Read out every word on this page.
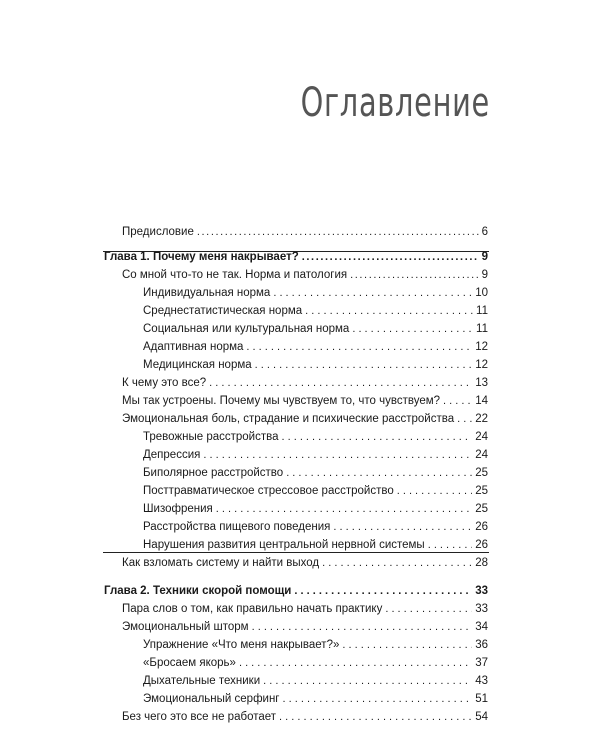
Оглавление
Предисловие .....	6
Глава 1. Почему меня накрывает? .....	9
Со мной что-то не так. Норма и патология .....	9
Индивидуальная норма . . .	10
Среднестатистическая норма . . .	11
Социальная или культуральная норма . . .	11
Адаптивная норма . . .	12
Медицинская норма . . .	12
К чему это все? . . .	13
Мы так устроены. Почему мы чувствуем то, что чувствуем? . . .	14
Эмоциональная боль, страдание и психические расстройства . . . 22
Тревожные расстройства . . .	24
Депрессия . . .	24
Биполярное расстройство . . .	25
Посттравматическое стрессовое расстройство . . .	25
Шизофрения . . .	25
Расстройства пищевого поведения . . .	26
Нарушения развития центральной нервной системы . . .	26
Как взломать систему и найти выход . . .	28
Глава 2. Техники скорой помощи . . .	33
Пара слов о том, как правильно начать практику . . .	33
Эмоциональный шторм . . .	34
Упражнение «Что меня накрывает?» . . .	36
«Бросаем якорь» . . .	37
Дыхательные техники . . .	43
Эмоциональный серфинг . . .	51
Без чего это все не работает . . .	54
